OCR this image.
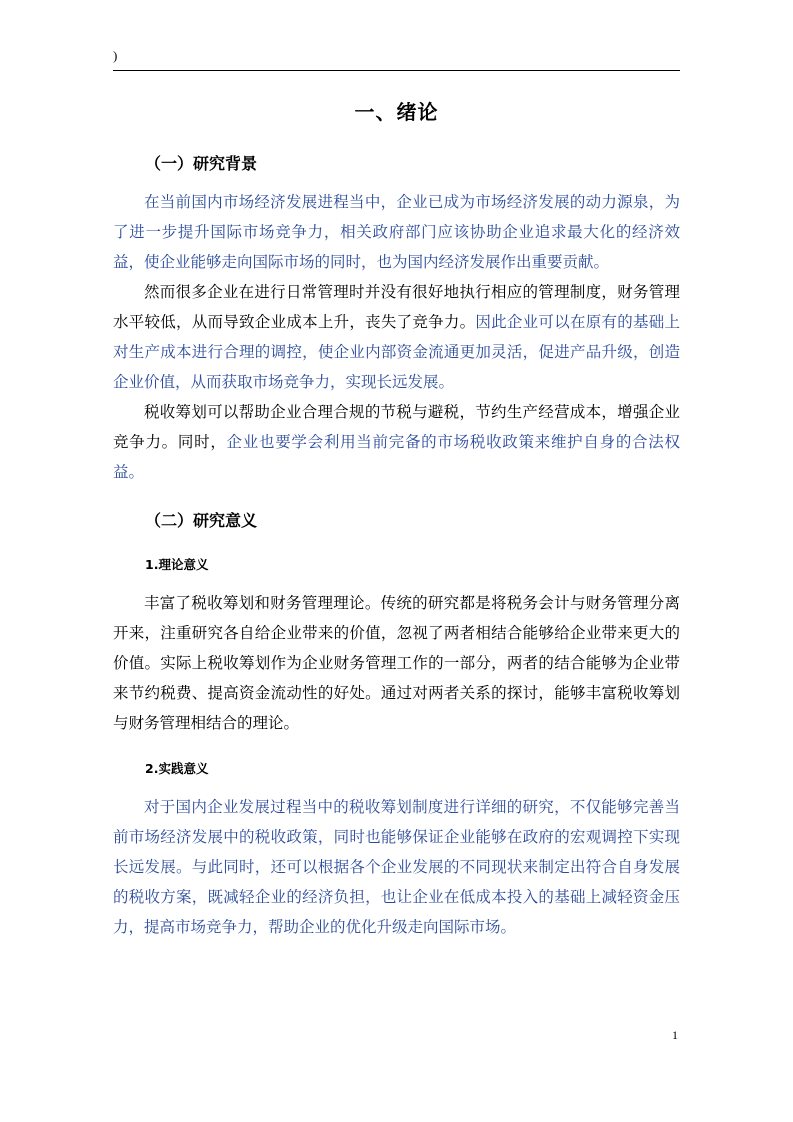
)
一、绪论
（一）研究背景

在当前国内市场经济发展进程当中，企业已成为市场经济发展的动力源泉，为了进一步提升国际市场竞争力，相关政府部门应该协助企业追求最大化的经济效益，使企业能够走向国际市场的同时，也为国内经济发展作出重要贡献。

然而很多企业在进行日常管理时并没有很好地执行相应的管理制度，财务管理水平较低，从而导致企业成本上升，丧失了竞争力。因此企业可以在原有的基础上对生产成本进行合理的调控，使企业内部资金流通更加灵活，促进产品升级，创造企业价值，从而获取市场竞争力，实现长远发展。

税收筹划可以帮助企业合理合规的节税与避税，节约生产经营成本，增强企业竞争力。同时，企业也要学会利用当前完备的市场税收政策来维护自身的合法权益。

（二）研究意义
1.理论意义

丰富了税收筹划和财务管理理论。传统的研究都是将税务会计与财务管理分离开来，注重研究各自给企业带来的价值，忽视了两者相结合能够给企业带来更大的价值。实际上税收筹划作为企业财务管理工作的一部分，两者的结合能够为企业带来节约税费、提高资金流动性的好处。通过对两者关系的探讨，能够丰富税收筹划与财务管理相结合的理论。

2.实践意义

对于国内企业发展过程当中的税收筹划制度进行详细的研究，不仅能够完善当前市场经济发展中的税收政策，同时也能够保证企业能够在政府的宏观调控下实现长远发展。与此同时，还可以根据各个企业发展的不同现状来制定出符合自身发展的税收方案，既减轻企业的经济负担，也让企业在低成本投入的基础上减轻资金压力，提高市场竞争力，帮助企业的优化升级走向国际市场。

1
